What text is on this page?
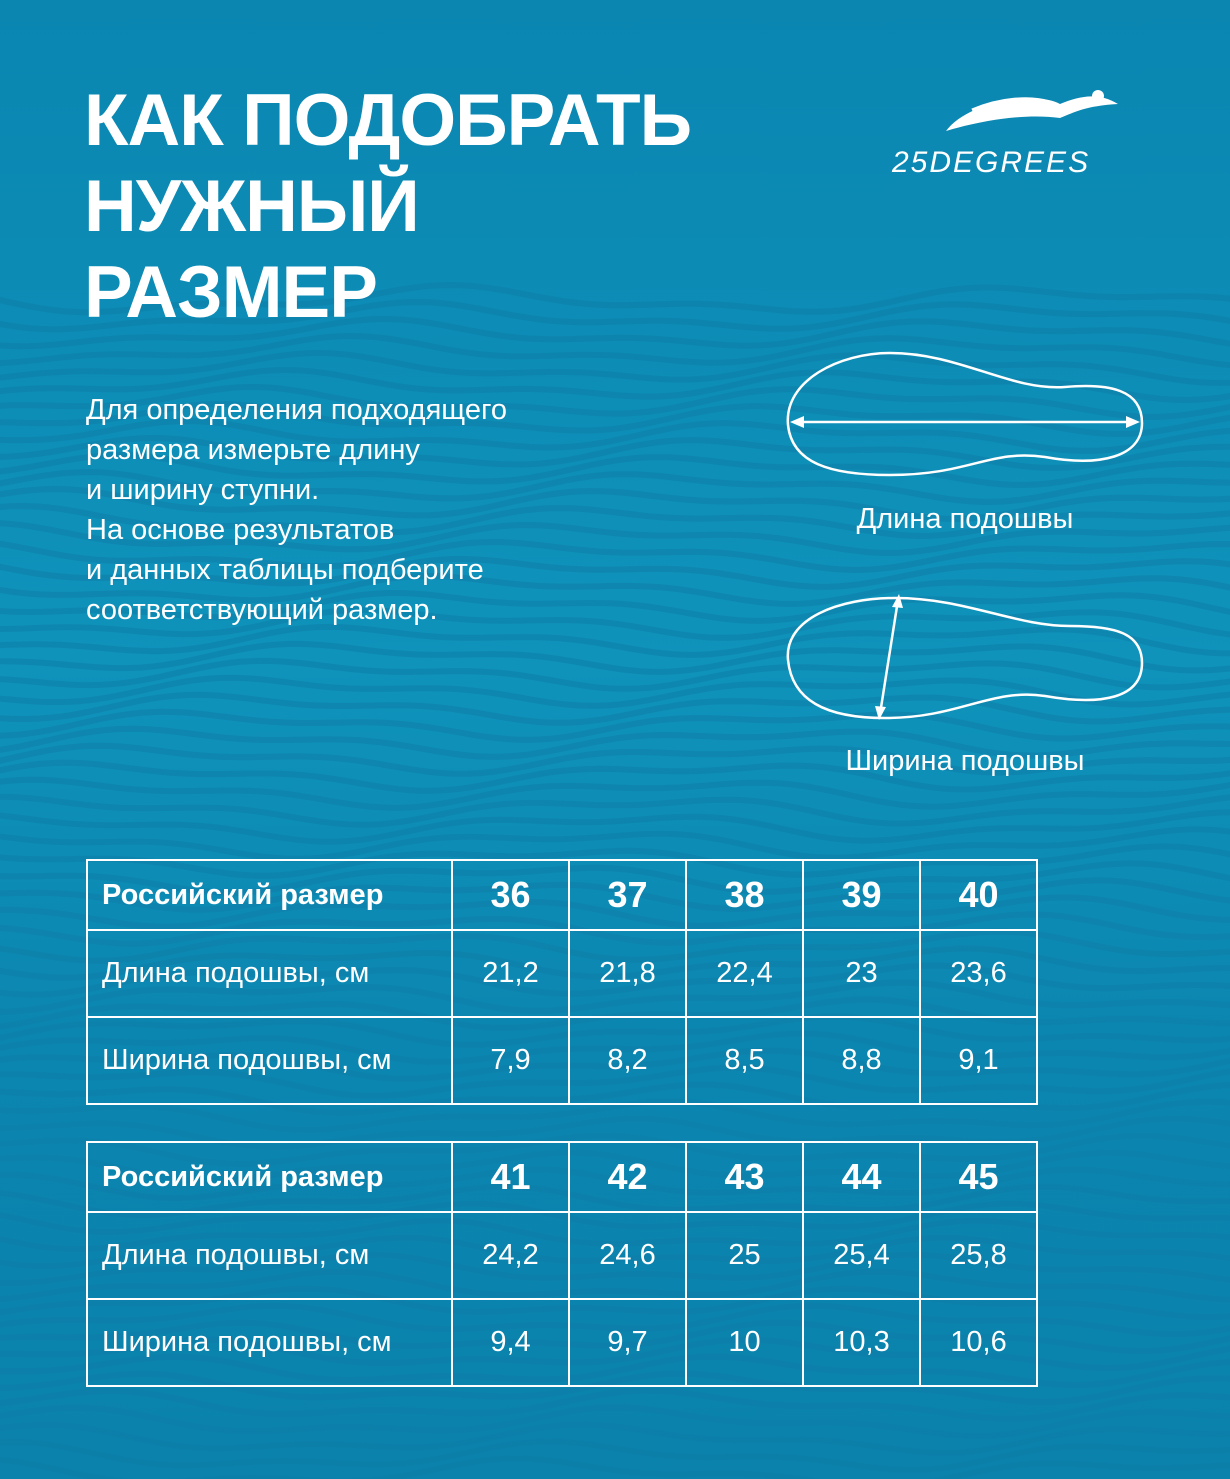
КАК ПОДОБРАТЬ
НУЖНЫЙ
РАЗМЕР
25DEGREES

Для определения подходящего
размера измерьте длину
и ширину ступни.
На основе результатов
и данных таблицы подберите
соответствующий размер.

Длина подошвы
Ширина подошвы
Российский размер	36	37	38	39	40
Длина подошвы, см	21,2	21,8	22,4	23	23,6
Ширина подошвы, см	7,9	8,2	8,5	8,8	9,1
Российский размер	41	42	43	44	45
Длина подошвы, см	24,2	24,6	25	25,4	25,8
Ширина подошвы, см	9,4	9,7	10	10,3	10,6
